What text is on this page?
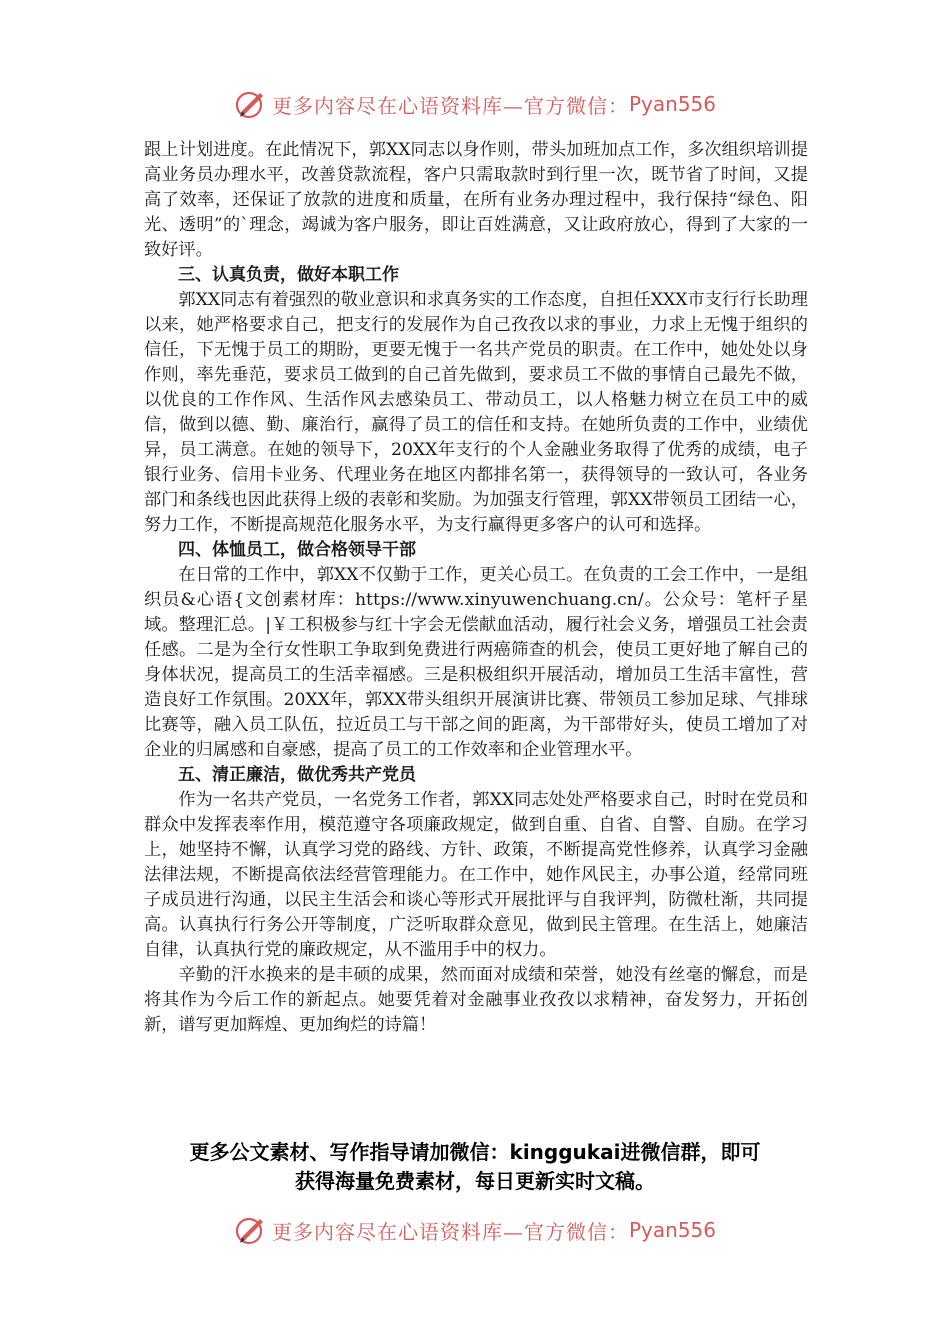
更多内容尽在心语资料库—官方微信： Pyan556

跟上计划进度。在此情况下，郭XX同志以身作则，带头加班加点工作，多次组织培训提高业务员办理水平，改善贷款流程，客户只需取款时到行里一次，既节省了时间，又提高了效率，还保证了放款的进度和质量，在所有业务办理过程中，我行保持“绿色、阳光、透明”的`理念，竭诚为客户服务，即让百姓满意，又让政府放心，得到了大家的一致好评。

三、认真负责，做好本职工作

郭XX同志有着强烈的敬业意识和求真务实的工作态度，自担任XXX市支行行长助理以来，她严格要求自己，把支行的发展作为自己孜孜以求的事业，力求上无愧于组织的信任，下无愧于员工的期盼，更要无愧于一名共产党员的职责。在工作中，她处处以身作则，率先垂范，要求员工做到的自己首先做到，要求员工不做的事情自己最先不做，以优良的工作作风、生活作风去感染员工、带动员工，以人格魅力树立在员工中的威信，做到以德、勤、廉治行，赢得了员工的信任和支持。在她所负责的工作中，业绩优异，员工满意。在她的领导下，20XX年支行的个人金融业务取得了优秀的成绩，电子银行业务、信用卡业务、代理业务在地区内都排名第一，获得领导的一致认可，各业务部门和条线也因此获得上级的表彰和奖励。为加强支行管理，郭XX带领员工团结一心，努力工作，不断提高规范化服务水平，为支行赢得更多客户的认可和选择。

四、体恤员工，做合格领导干部

在日常的工作中，郭XX不仅勤于工作，更关心员工。在负责的工会工作中，一是组织员&心语{文创素材库：https://www.xinyuwenchuang.cn/。公众号：笔杆子星域。整理汇总。|￥工积极参与红十字会无偿献血活动，履行社会义务，增强员工社会责任感。二是为全行女性职工争取到免费进行两癌筛查的机会，使员工更好地了解自己的身体状况，提高员工的生活幸福感。三是积极组织开展活动，增加员工生活丰富性，营造良好工作氛围。20XX年，郭XX带头组织开展演讲比赛、带领员工参加足球、气排球比赛等，融入员工队伍，拉近员工与干部之间的距离，为干部带好头，使员工增加了对企业的归属感和自豪感，提高了员工的工作效率和企业管理水平。

五、清正廉洁，做优秀共产党员

作为一名共产党员，一名党务工作者，郭XX同志处处严格要求自己，时时在党员和群众中发挥表率作用，模范遵守各项廉政规定，做到自重、自省、自警、自励。在学习上，她坚持不懈，认真学习党的路线、方针、政策，不断提高党性修养，认真学习金融法律法规，不断提高依法经营管理能力。在工作中，她作风民主，办事公道，经常同班子成员进行沟通，以民主生活会和谈心等形式开展批评与自我评判，防微杜渐，共同提高。认真执行行务公开等制度，广泛听取群众意见，做到民主管理。在生活上，她廉洁自律，认真执行党的廉政规定，从不滥用手中的权力。

辛勤的汗水换来的是丰硕的成果，然而面对成绩和荣誉，她没有丝毫的懈怠，而是将其作为今后工作的新起点。她要凭着对金融事业孜孜以求精神，奋发努力，开拓创新，谱写更加辉煌、更加绚烂的诗篇！

更多公文素材、写作指导请加微信：kinggukai进微信群，即可
获得海量免费素材，每日更新实时文稿。
更多内容尽在心语资料库—官方微信： Pyan556
